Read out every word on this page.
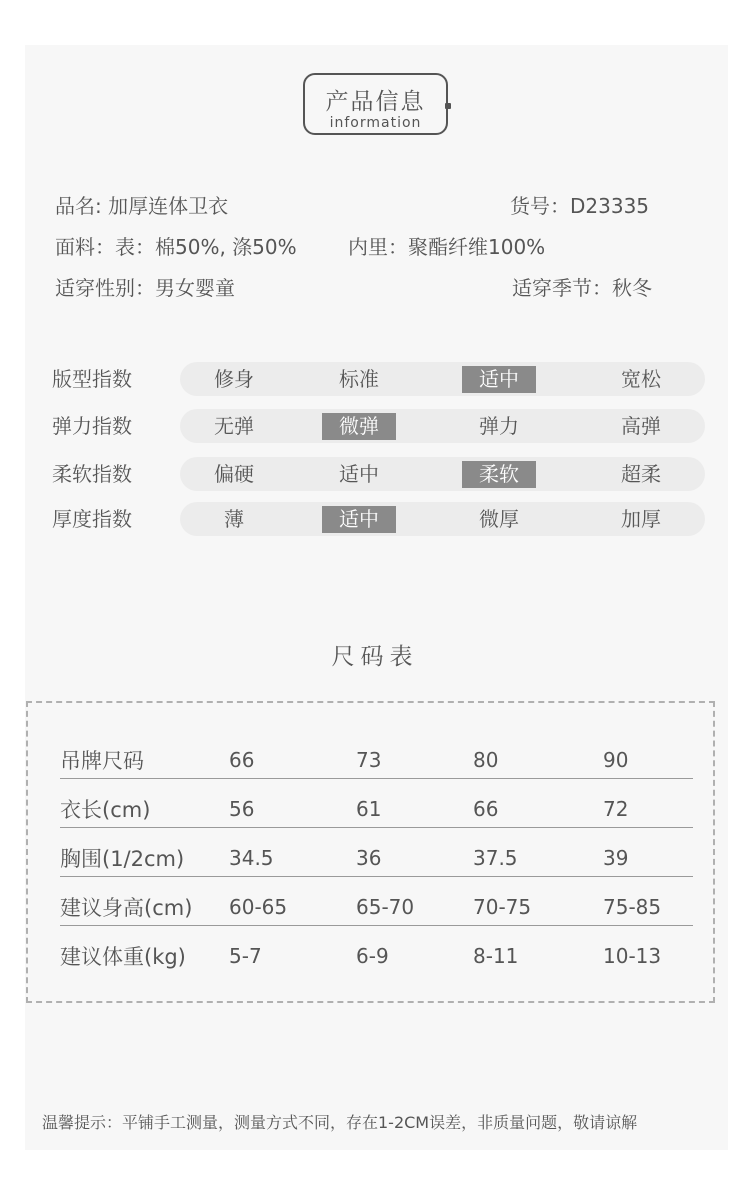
产品信息
information
品名: 加厚连体卫衣	货号：D23335
面料：表：棉50%, 涤50%	内里：聚酯纤维100%
适穿性别：男女婴童	适穿季节：秋冬
版型指数	修身	标准	适中	宽松
弹力指数	无弹	微弹	弹力	高弹
柔软指数	偏硬	适中	柔软	超柔
厚度指数	薄	适中	微厚	加厚
尺码表
吊牌尺码	66	73	80	90
衣长(cm)	56	61	66	72
胸围(1/2cm) 34.5	36	37.5	39
建议身高(cm) 60-65	65-70	70-75	75-85
建议体重(kg) 5-7	6-9	8-11	10-13
温馨提示：平铺手工测量，测量方式不同，存在1-2CM误差，非质量问题，敬请谅解
